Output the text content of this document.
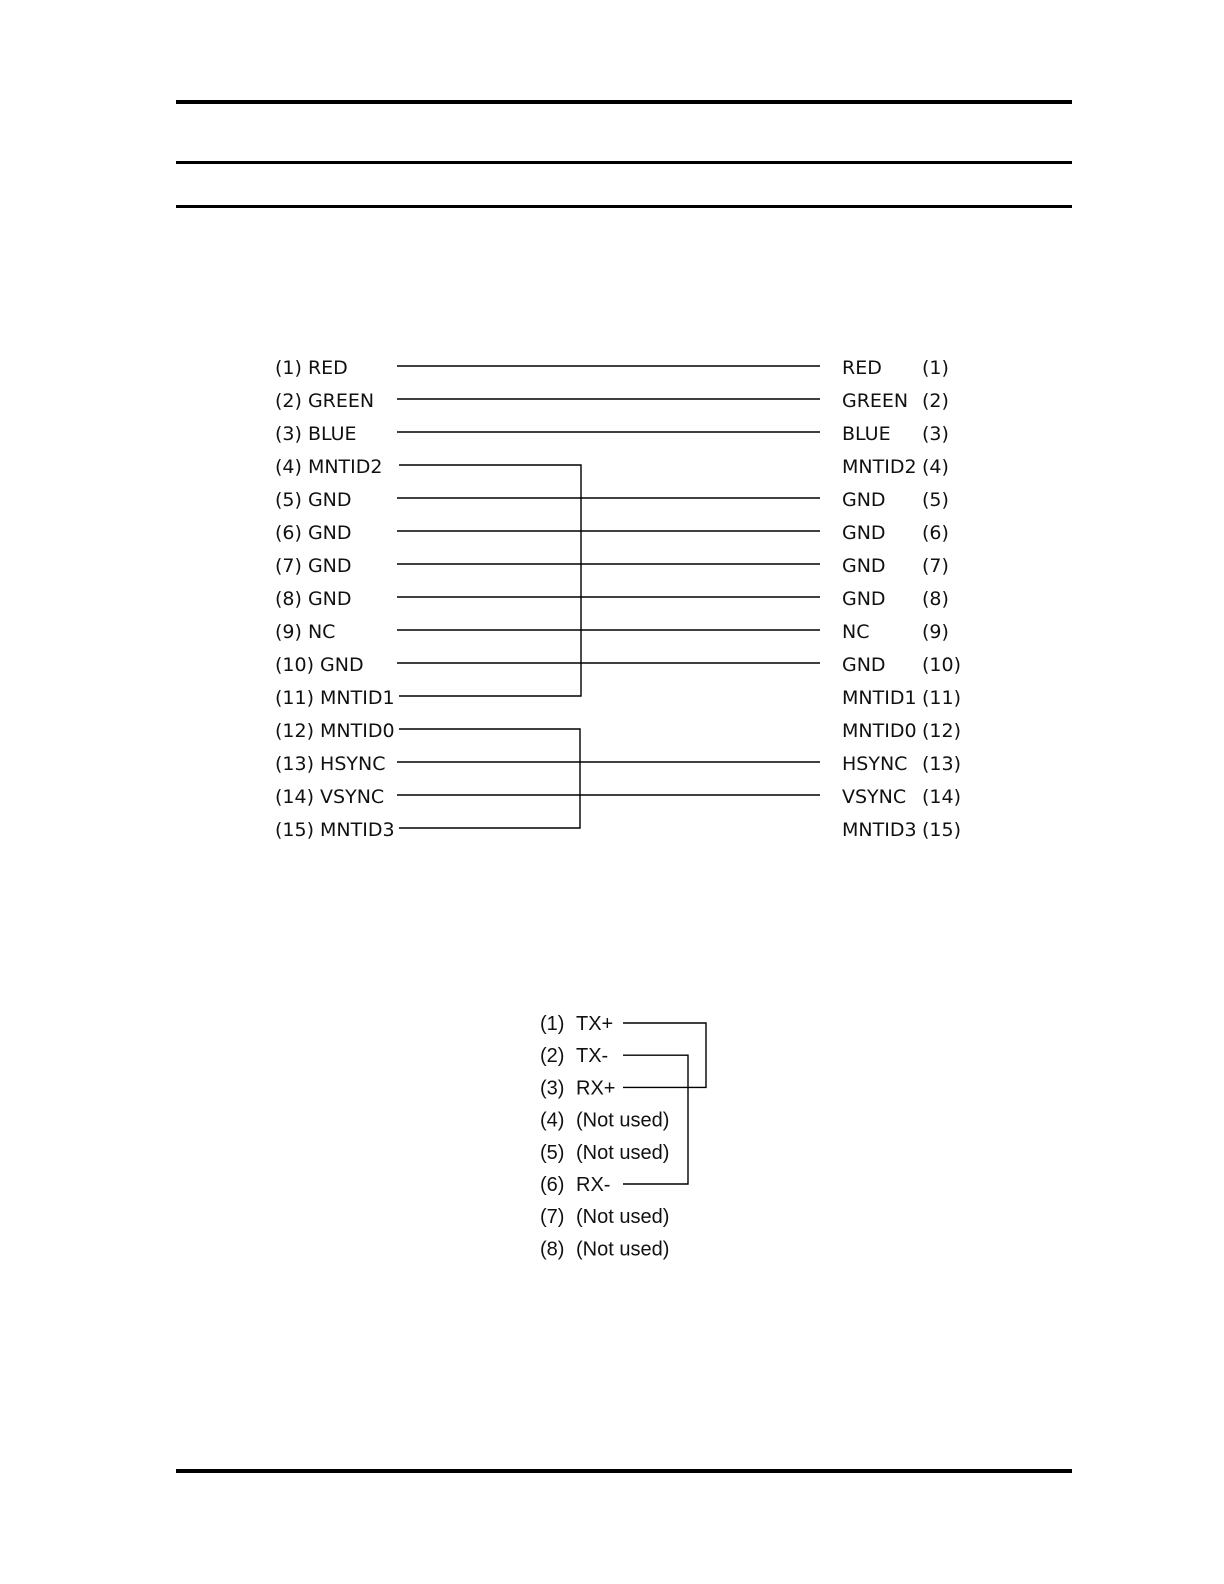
(1) RED	RED (1)
(2) GREEN	GREEN (2)
(3) BLUE	BLUE (3)
(4) MNTID2	MNTID2 (4)
(5) GND	GND (5)
(6) GND	GND (6)
(7) GND	GND (7)
(8) GND	GND (8)
(9) NC	NC	(9)
(10) GND	GND (10)
(11) MNTID1	MNTID1 (11)
(12) MNTID0	MNTID0 (12)
(13) HSYNC	HSYNC (13)
(14) VSYNC	VSYNC (14)
(15) MNTID3	MNTID3 (15)
(1) TX+
(2) TX-
(3) RX+
(4) (Not used)
(5) (Not used)
(6) RX-
(7) (Not used)
(8) (Not used)
